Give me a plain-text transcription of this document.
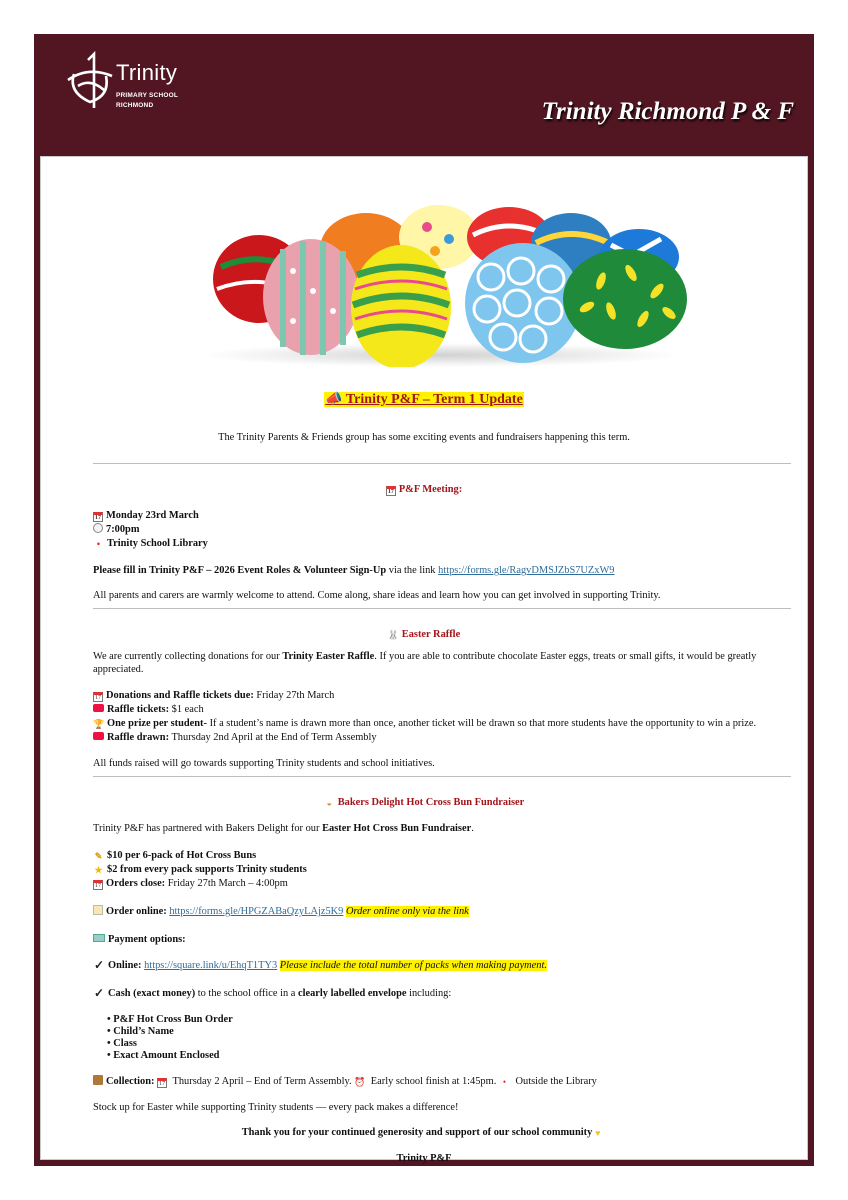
Trinity
PRIMARY SCHOOL
RICHMOND	Trinity Richmond P & F
📣 Trinity P&F – Term 1 Update
The Trinity Parents & Friends group has some exciting events and fundraisers happening this term.
17 P&F Meeting:
17 Monday 23rd March
7:00pm
• Trinity School Library
Please fill in Trinity P&F – 2026 Event Roles & Volunteer Sign-Up via the link https://forms.gle/RagvDMSJZbS7UZxW9
All parents and carers are warmly welcome to attend. Come along, share ideas and learn how you can get involved in supporting Trinity.
🐰 Easter Raffle
We are currently collecting donations for our Trinity Easter Raffle. If you are able to contribute chocolate Easter eggs, treats or small gifts, it would be greatly
appreciated.
17 Donations and Raffle tickets due: Friday 27th March
Raffle tickets: $1 each
🏆 One prize per student- If a student’s name is drawn more than once, another ticket will be drawn so that more students have the opportunity to win a prize.
Raffle drawn: Thursday 2nd April at the End of Term Assembly
All funds raised will go towards supporting Trinity students and school initiatives.
◒ Bakers Delight Hot Cross Bun Fundraiser
Trinity P&F has partnered with Bakers Delight for our Easter Hot Cross Bun Fundraiser.
✎ $10 per 6-pack of Hot Cross Buns
★ $2 from every pack supports Trinity students
17 Orders close: Friday 27th March – 4:00pm
Order online: https://forms.gle/HPGZABaQzyLAjz5K9 Order online only via the link
Payment options:
✓ Online: https://square.link/u/EhqT1TY3 Please include the total number of packs when making payment.
✓ Cash (exact money) to the school office in a clearly labelled envelope including:
• P&F Hot Cross Bun Order
• Child’s Name
• Class
• Exact Amount Enclosed
Collection: 17 Thursday 2 April – End of Term Assembly. ⏰ Early school finish at 1:45pm. • Outside the Library
Stock up for Easter while supporting Trinity students — every pack makes a difference!
Thank you for your continued generosity and support of our school community ♥
Trinity P&F
